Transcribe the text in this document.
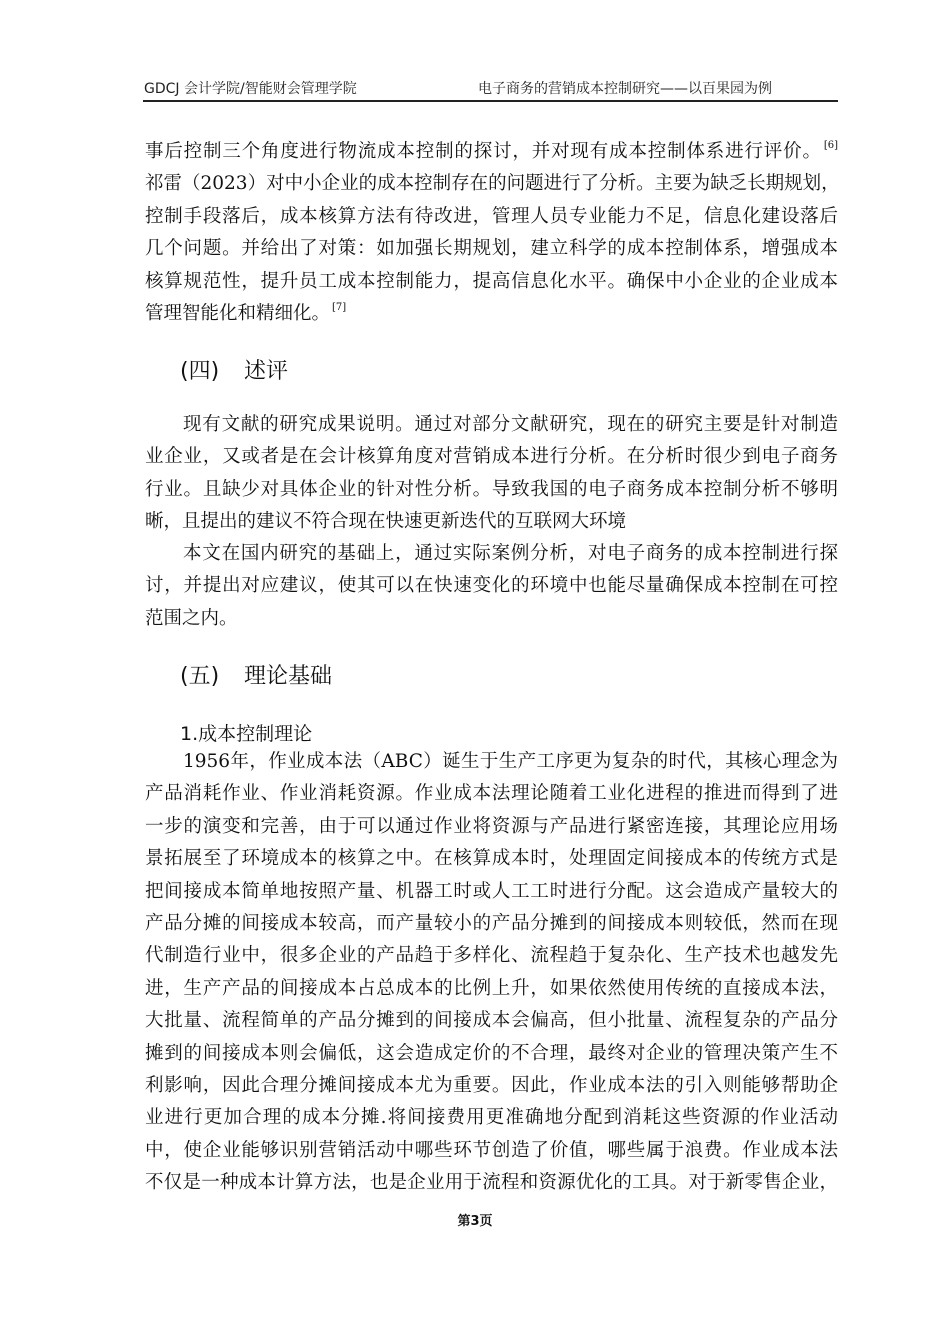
GDCJ 会计学院/智能财会管理学院	电子商务的营销成本控制研究——以百果园为例
事后控制三个角度进行物流成本控制的探讨，并对现有成本控制体系进行评价。 [6]
祁雷（2023）对中小企业的成本控制存在的问题进行了分析。主要为缺乏长期规划，
控制手段落后，成本核算方法有待改进，管理人员专业能力不足，信息化建设落后
几个问题。并给出了对策：如加强长期规划，建立科学的成本控制体系，增强成本
核算规范性，提升员工成本控制能力，提高信息化水平。确保中小企业的企业成本
管理智能化和精细化。 [7]
(四) 述评
现有文献的研究成果说明。通过对部分文献研究，现在的研究主要是针对制造
业企业，又或者是在会计核算角度对营销成本进行分析。在分析时很少到电子商务
行业。且缺少对具体企业的针对性分析。导致我国的电子商务成本控制分析不够明
晰，且提出的建议不符合现在快速更新迭代的互联网大环境
本文在国内研究的基础上，通过实际案例分析，对电子商务的成本控制进行探
讨，并提出对应建议，使其可以在快速变化的环境中也能尽量确保成本控制在可控
范围之内。
(五) 理论基础
1.成本控制理论
1956年，作业成本法（ABC）诞生于生产工序更为复杂的时代，其核心理念为
产品消耗作业、作业消耗资源。作业成本法理论随着工业化进程的推进而得到了进
一步的演变和完善，由于可以通过作业将资源与产品进行紧密连接，其理论应用场
景拓展至了环境成本的核算之中。在核算成本时，处理固定间接成本的传统方式是
把间接成本简单地按照产量、机器工时或人工工时进行分配。这会造成产量较大的
产品分摊的间接成本较高，而产量较小的产品分摊到的间接成本则较低，然而在现
代制造行业中，很多企业的产品趋于多样化、流程趋于复杂化、生产技术也越发先
进，生产产品的间接成本占总成本的比例上升，如果依然使用传统的直接成本法，
大批量、流程简单的产品分摊到的间接成本会偏高，但小批量、流程复杂的产品分
摊到的间接成本则会偏低，这会造成定价的不合理，最终对企业的管理决策产生不
利影响，因此合理分摊间接成本尤为重要。因此，作业成本法的引入则能够帮助企
业进行更加合理的成本分摊.将间接费用更准确地分配到消耗这些资源的作业活动
中，使企业能够识别营销活动中哪些环节创造了价值，哪些属于浪费。作业成本法
不仅是一种成本计算方法，也是企业用于流程和资源优化的工具。对于新零售企业，
第3页
